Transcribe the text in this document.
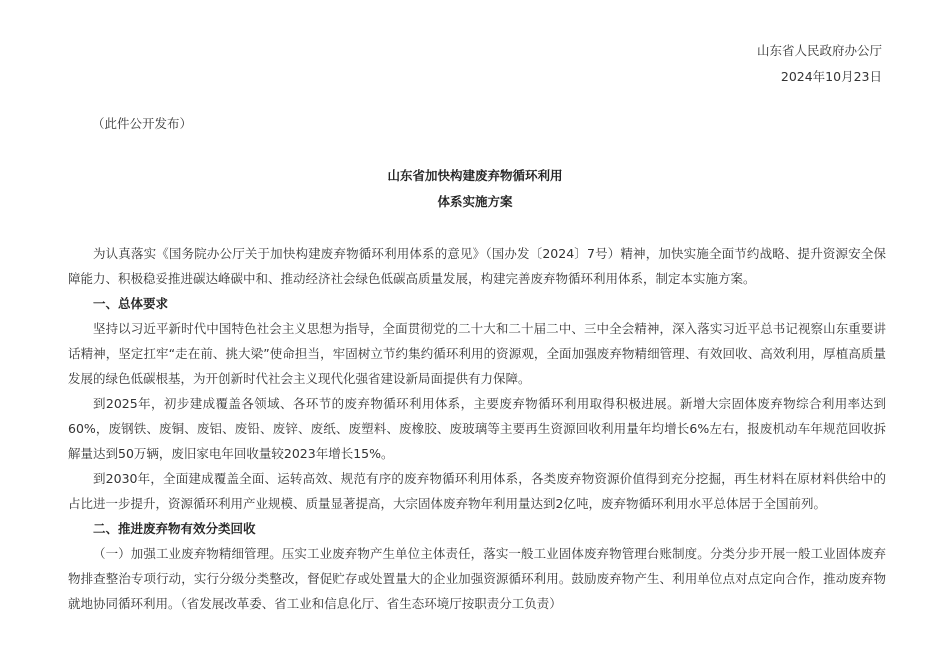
山东省人民政府办公厅
2024年10月23日
（此件公开发布）
山东省加快构建废弃物循环利用
体系实施方案

为认真落实《国务院办公厅关于加快构建废弃物循环利用体系的意见》（国办发〔2024〕7号）精神，加快实施全面节约战略、提升资源安全保障能力、积极稳妥推进碳达峰碳中和、推动经济社会绿色低碳高质量发展，构建完善废弃物循环利用体系，制定本实施方案。

一、总体要求

坚持以习近平新时代中国特色社会主义思想为指导，全面贯彻党的二十大和二十届二中、三中全会精神，深入落实习近平总书记视察山东重要讲话精神，坚定扛牢“走在前、挑大梁”使命担当，牢固树立节约集约循环利用的资源观，全面加强废弃物精细管理、有效回收、高效利用，厚植高质量发展的绿色低碳根基，为开创新时代社会主义现代化强省建设新局面提供有力保障。

到2025年，初步建成覆盖各领域、各环节的废弃物循环利用体系，主要废弃物循环利用取得积极进展。新增大宗固体废弃物综合利用率达到60%，废钢铁、废铜、废铝、废铅、废锌、废纸、废塑料、废橡胶、废玻璃等主要再生资源回收利用量年均增长6%左右，报废机动车年规范回收拆解量达到50万辆，废旧家电年回收量较2023年增长15%。

到2030年，全面建成覆盖全面、运转高效、规范有序的废弃物循环利用体系，各类废弃物资源价值得到充分挖掘，再生材料在原材料供给中的占比进一步提升，资源循环利用产业规模、质量显著提高，大宗固体废弃物年利用量达到2亿吨，废弃物循环利用水平总体居于全国前列。

二、推进废弃物有效分类回收

（一）加强工业废弃物精细管理。压实工业废弃物产生单位主体责任，落实一般工业固体废弃物管理台账制度。分类分步开展一般工业固体废弃物排查整治专项行动，实行分级分类整改，督促贮存或处置量大的企业加强资源循环利用。鼓励废弃物产生、利用单位点对点定向合作，推动废弃物就地协同循环利用。（省发展改革委、省工业和信息化厅、省生态环境厅按职责分工负责）
